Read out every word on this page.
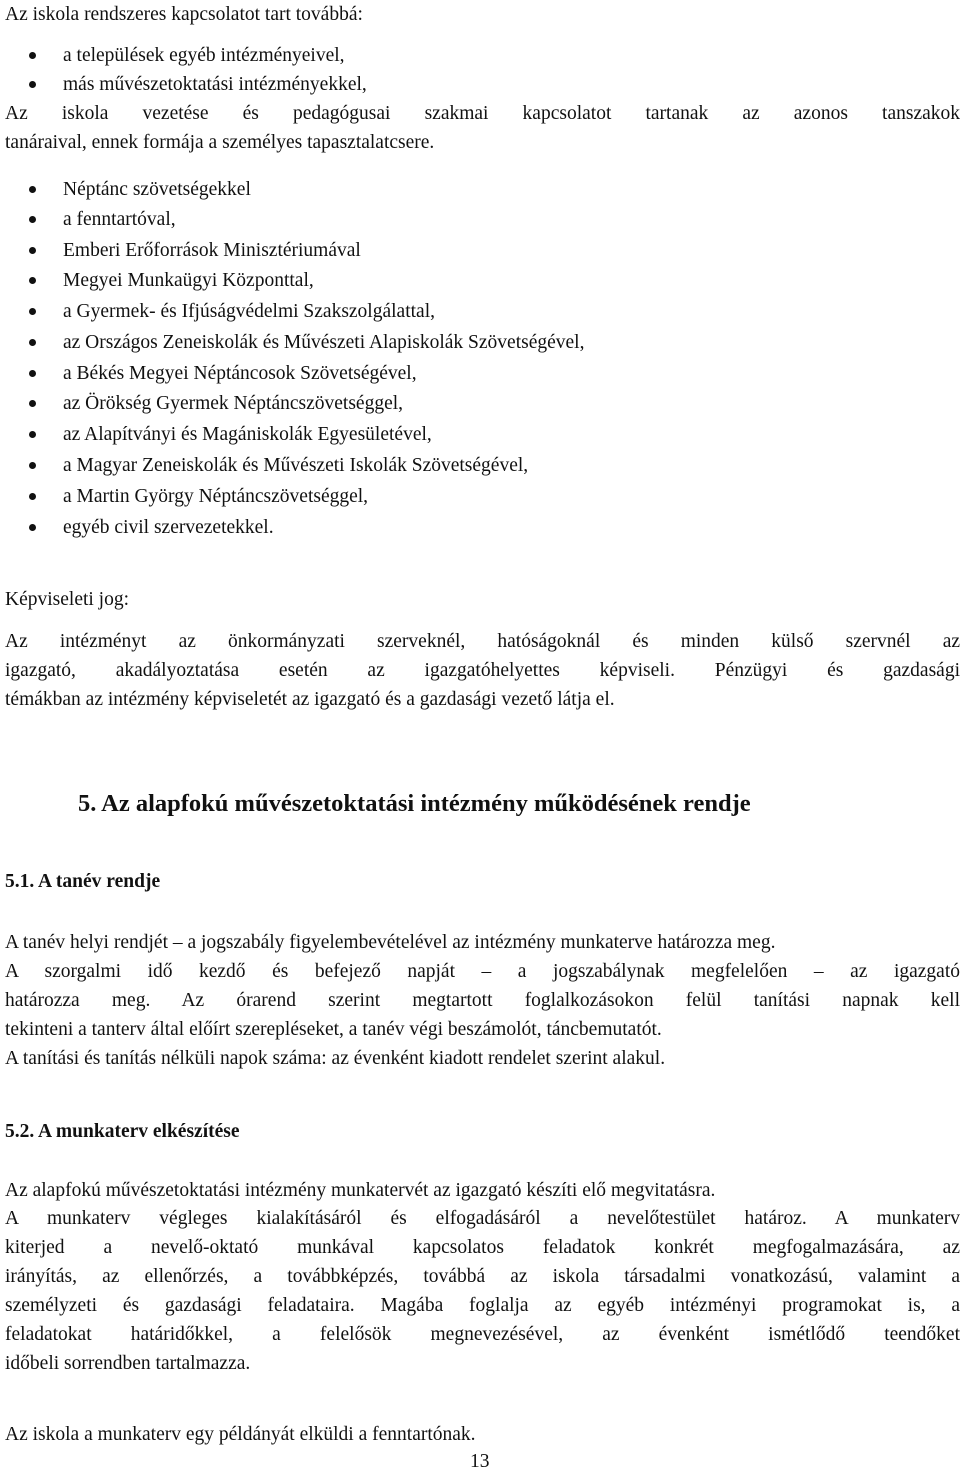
Az iskola rendszeres kapcsolatot tart továbbá:
a települések egyéb intézményeivel,
más művészetoktatási intézményekkel,
Az iskola vezetése és pedagógusai szakmai kapcsolatot tartanak az azonos tanszakok
tanáraival, ennek formája a személyes tapasztalatcsere.
Néptánc szövetségekkel
a fenntartóval,
Emberi Erőforrások Minisztériumával
Megyei Munkaügyi Központtal,
a Gyermek- és Ifjúságvédelmi Szakszolgálattal,
az Országos Zeneiskolák és Művészeti Alapiskolák Szövetségével,
a Békés Megyei Néptáncosok Szövetségével,
az Örökség Gyermek Néptáncszövetséggel,
az Alapítványi és Magániskolák Egyesületével,
a Magyar Zeneiskolák és Művészeti Iskolák Szövetségével,
a Martin György Néptáncszövetséggel,
egyéb civil szervezetekkel.
Képviseleti jog:
Az intézményt az önkormányzati szerveknél, hatóságoknál és minden külső szervnél az
igazgató, akadályoztatása esetén az igazgatóhelyettes képviseli. Pénzügyi és gazdasági
témákban az intézmény képviseletét az igazgató és a gazdasági vezető látja el.
5. Az alapfokú művészetoktatási intézmény működésének rendje
5.1. A tanév rendje
A tanév helyi rendjét – a jogszabály figyelembevételével az intézmény munkaterve határozza meg.
A szorgalmi idő kezdő és befejező napját – a jogszabálynak megfelelően – az igazgató
határozza meg. Az órarend szerint megtartott foglalkozásokon felül tanítási napnak kell
tekinteni a tanterv által előírt szerepléseket, a tanév végi beszámolót, táncbemutatót.
A tanítási és tanítás nélküli napok száma: az évenként kiadott rendelet szerint alakul.
5.2. A munkaterv elkészítése
Az alapfokú művészetoktatási intézmény munkatervét az igazgató készíti elő megvitatásra.
A munkaterv végleges kialakításáról és elfogadásáról a nevelőtestület határoz. A munkaterv
kiterjed a nevelő-oktató munkával kapcsolatos feladatok konkrét megfogalmazására, az
irányítás, az ellenőrzés, a továbbképzés, továbbá az iskola társadalmi vonatkozású, valamint a
személyzeti és gazdasági feladataira. Magába foglalja az egyéb intézményi programokat is, a
feladatokat határidőkkel, a felelősök megnevezésével, az évenként ismétlődő teendőket
időbeli sorrendben tartalmazza.
Az iskola a munkaterv egy példányát elküldi a fenntartónak.
13
